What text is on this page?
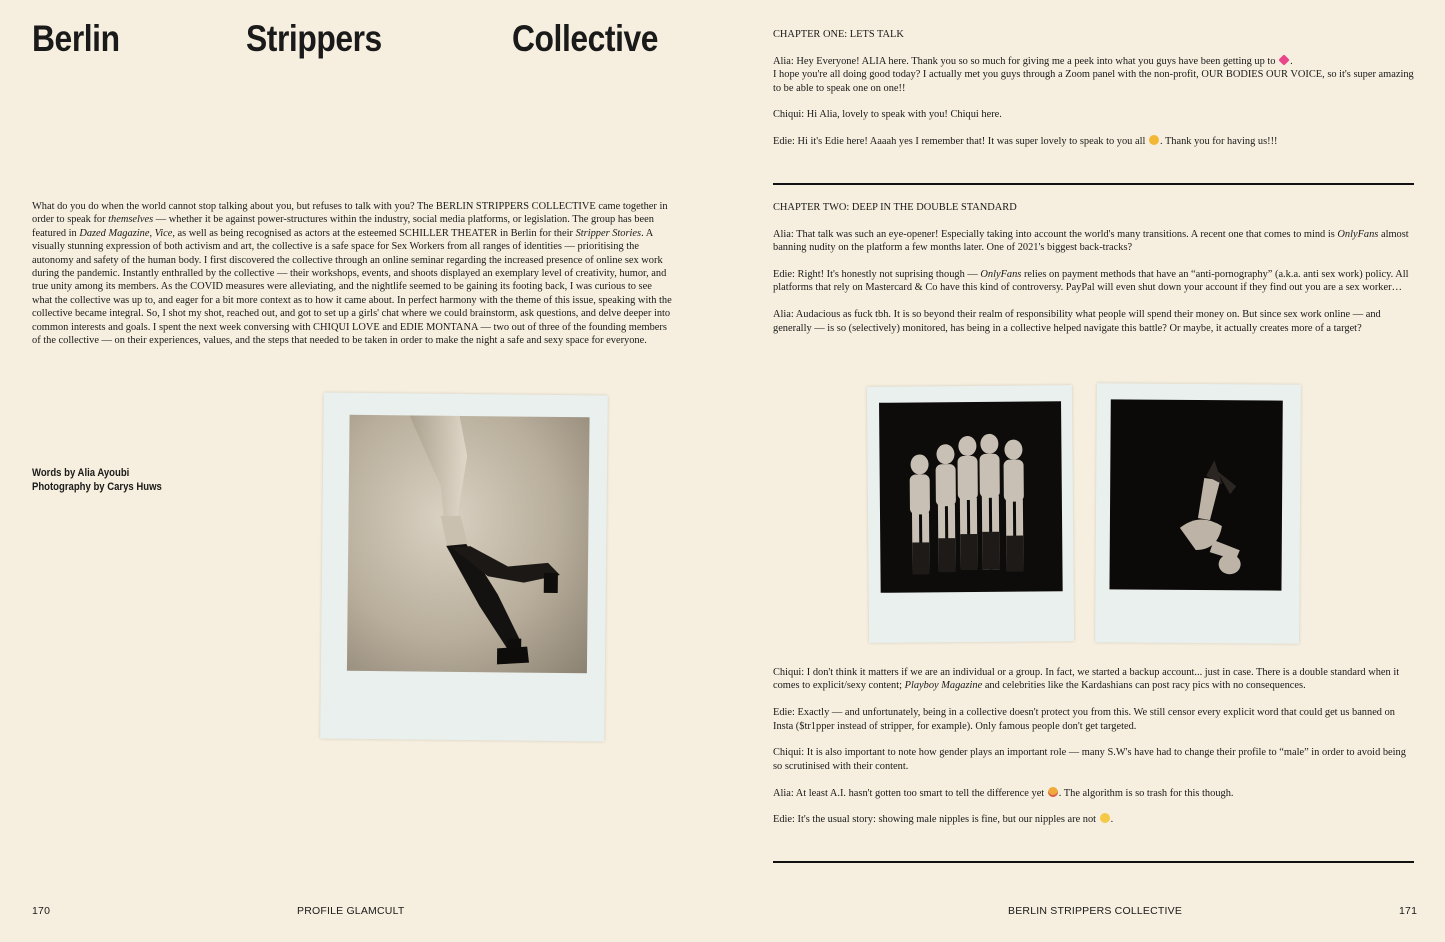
Berlin	Strippers	Collective
What do you do when the world cannot stop talking about you, but refuses to talk with you? The BERLIN STRIPPERS COLLECTIVE came together in order to speak for themselves — whether it be against power-structures within the industry, social media platforms, or legislation. The group has been featured in Dazed Magazine, Vice, as well as being recognised as actors at the esteemed SCHILLER THEATER in Berlin for their Stripper Stories. A visually stunning expression of both activism and art, the collective is a safe space for Sex Workers from all ranges of identities — prioritising the autonomy and safety of the human body. I first discovered the collective through an online seminar regarding the increased presence of online sex work during the pandemic. Instantly enthralled by the collective — their workshops, events, and shoots displayed an exemplary level of creativity, humor, and true unity among its members. As the COVID measures were alleviating, and the nightlife seemed to be gaining its footing back, I was curious to see what the collective was up to, and eager for a bit more context as to how it came about. In perfect harmony with the theme of this issue, speaking with the collective became integral. So, I shot my shot, reached out, and got to set up a girls' chat where we could brainstorm, ask questions, and delve deeper into common interests and goals. I spent the next week conversing with CHIQUI LOVE and EDIE MONTANA — two out of three of the founding members of the collective — on their experiences, values, and the steps that needed to be taken in order to make the night a safe and sexy space for everyone.
Words by Alia Ayoubi
Photography by Carys Huws

CHAPTER ONE: LETS TALK

Alia: Hey Everyone! ALIA here. Thank you so so much for giving me a peek into what you guys have been getting up to .
I hope you're all doing good today? I actually met you guys through a Zoom panel with the non-profit, OUR BODIES OUR VOICE, so it's super amazing to be able to speak one on one!!

Chiqui: Hi Alia, lovely to speak with you! Chiqui here.

Edie: Hi it's Edie here! Aaaah yes I remember that! It was super lovely to speak to you all . Thank you for having us!!!

CHAPTER TWO: DEEP IN THE DOUBLE STANDARD

Alia: That talk was such an eye-opener! Especially taking into account the world's many transitions. A recent one that comes to mind is OnlyFans almost banning nudity on the platform a few months later. One of 2021's biggest back-tracks?

Edie: Right! It's honestly not suprising though — OnlyFans relies on payment methods that have an “anti-pornography” (a.k.a. anti sex work) policy. All platforms that rely on Mastercard & Co have this kind of controversy. PayPal will even shut down your account if they find out you are a sex worker…

Alia: Audacious as fuck tbh. It is so beyond their realm of responsibility what people will spend their money on. But since sex work online — and generally — is so (selectively) monitored, has being in a collective helped navigate this battle? Or maybe, it actually creates more of a target?

Chiqui: I don't think it matters if we are an individual or a group. In fact, we started a backup account... just in case. There is a double standard when it comes to explicit/sexy content; Playboy Magazine and celebrities like the Kardashians can post racy pics with no consequences.

Edie: Exactly — and unfortunately, being in a collective doesn't protect you from this. We still censor every explicit word that could get us banned on Insta ($tr1pper instead of stripper, for example). Only famous people don't get targeted.

Chiqui: It is also important to note how gender plays an important role — many S.W's have had to change their profile to “male” in order to avoid being so scrutinised with their content.

Alia: At least A.I. hasn't gotten too smart to tell the difference yet . The algorithm is so trash for this though.

Edie: It's the usual story: showing male nipples is fine, but our nipples are not .

170	PROFILE GLAMCULT	BERLIN STRIPPERS COLLECTIVE	171
